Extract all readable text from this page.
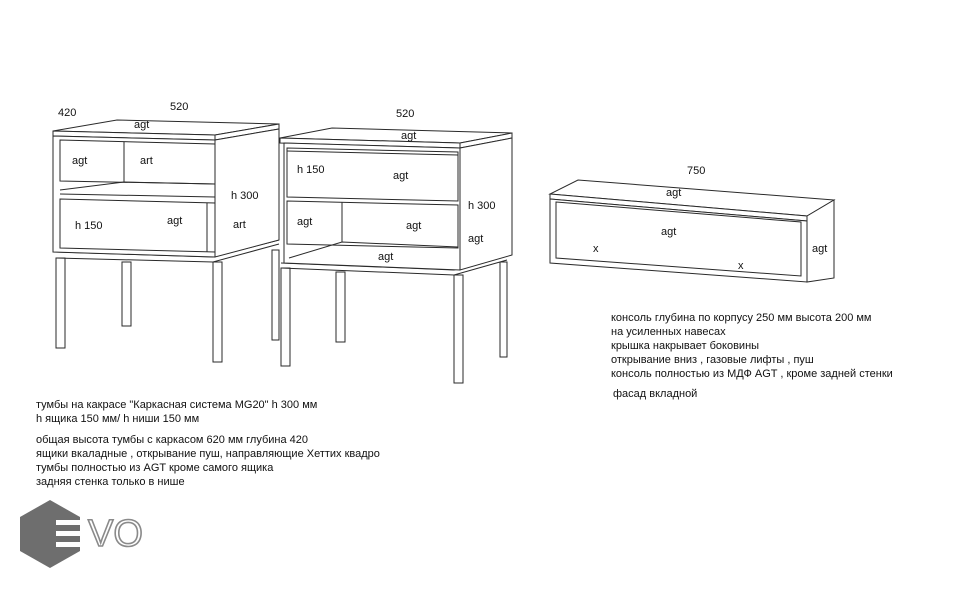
420	520
agt
agt	art
h 300
h 150	agt	art
520
agt
h 150	agt
h 300
agt	agt
agt
agt
750
agt
agt
agt
x
x
тумбы на какрасе "Каркасная система MG20" h 300 мм
h ящика 150 мм/ h ниши 150 мм
общая высота тумбы с каркасом 620 мм глубина 420
ящики вкаладные , открывание пуш, направляющие Хеттих квадро
тумбы полностью из AGT кроме самого ящика
задняя стенка только в нише
консоль глубина по корпусу 250 мм высота 200 мм
на усиленных навесах
крышка накрывает боковины
открывание вниз , газовые лифты , пуш
консоль полностью из МДФ AGT , кроме задней стенки
фасад вкладной
VO
